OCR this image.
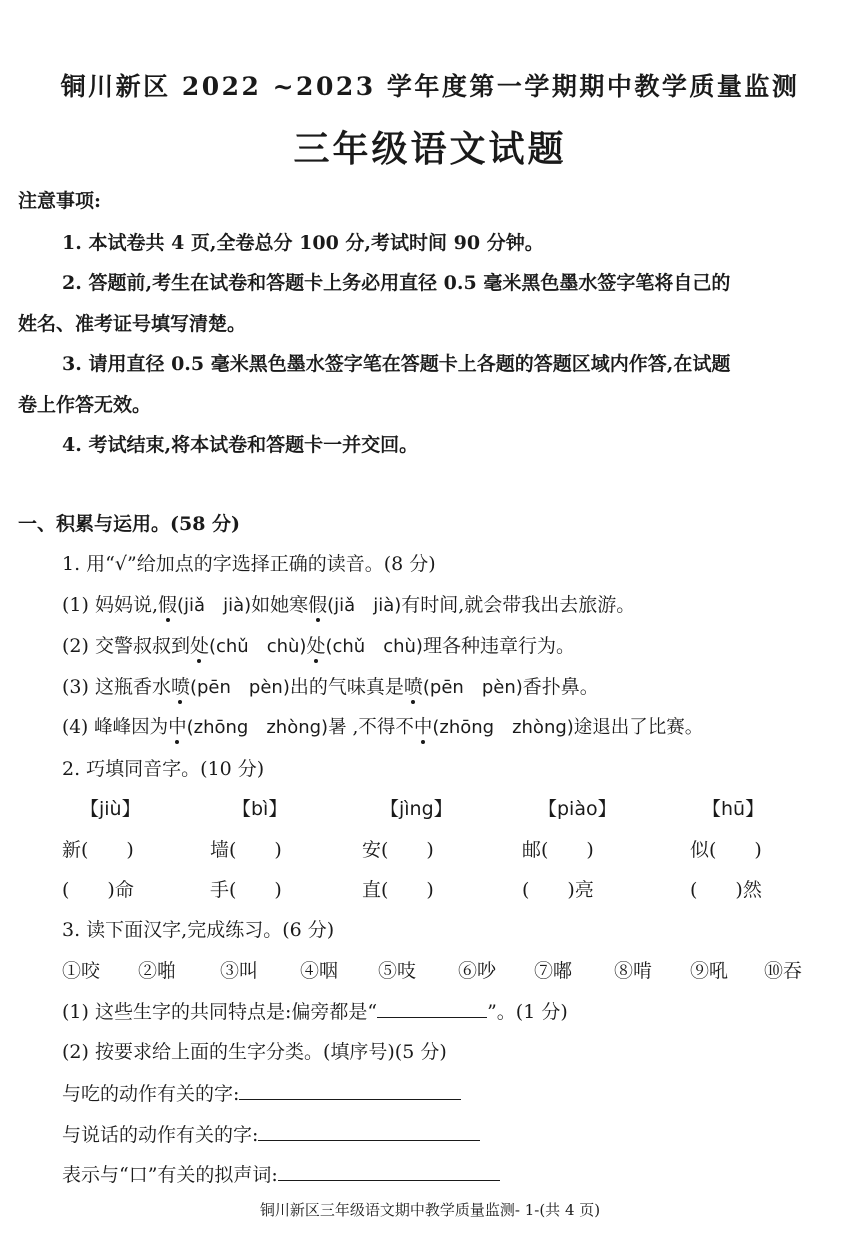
铜川新区 2022 ~2023 学年度第一学期期中教学质量监测
三年级语文试题
注意事项:
1. 本试卷共 4 页,全卷总分 100 分,考试时间 90 分钟。
2. 答题前,考生在试卷和答题卡上务必用直径 0.5 毫米黑色墨水签字笔将自己的
姓名、准考证号填写清楚。
3. 请用直径 0.5 毫米黑色墨水签字笔在答题卡上各题的答题区域内作答,在试题
卷上作答无效。
4. 考试结束,将本试卷和答题卡一并交回。
一、积累与运用。(58 分)
1. 用“√”给加点的字选择正确的读音。(8 分)
(1) 妈妈说,假(jiǎ　jià)如她寒假(jiǎ　jià)有时间,就会带我出去旅游。
(2) 交警叔叔到处(chǔ　chù)处(chǔ　chù)理各种违章行为。
(3) 这瓶香水喷(pēn　pèn)出的气味真是喷(pēn　pèn)香扑鼻。
(4) 峰峰因为中(zhōng　zhòng)暑 ,不得不中(zhōng　zhòng)途退出了比赛。
2. 巧填同音字。(10 分)
【jiù】	【bì】	【jìng】	【piào】	【hū】
新(　　)	墙(　　)	安(　　)	邮(　　)	似(　　)
(　　)命	手(　　)	直(　　)	(　　)亮	(　　)然
3. 读下面汉字,完成练习。(6 分)
①咬 ②啪 ③叫 ④咽 ⑤吱 ⑥吵 ⑦嘟 ⑧啃 ⑨吼 ⑩吞
(1) 这些生字的共同特点是:偏旁都是“	”。(1 分)
(2) 按要求给上面的生字分类。(填序号)(5 分)
与吃的动作有关的字:
与说话的动作有关的字:
表示与“口”有关的拟声词:
铜川新区三年级语文期中教学质量监测- 1-(共 4 页)
